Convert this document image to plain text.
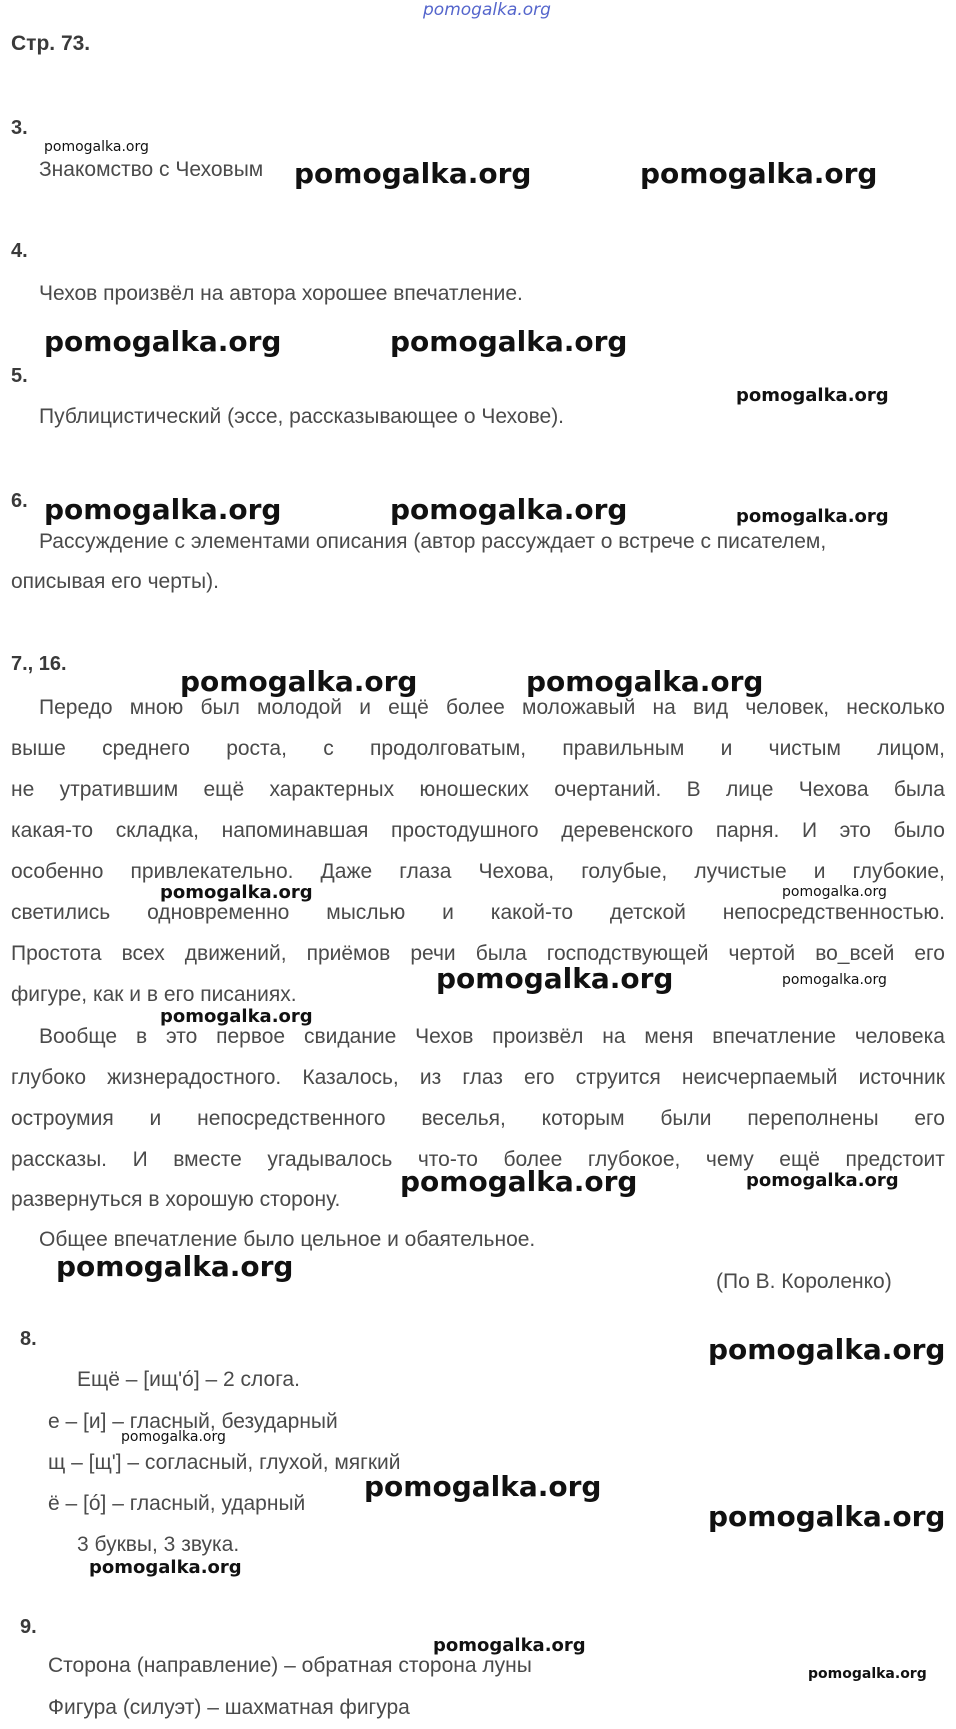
pomogalka.org
Стр. 73.
3.
pomogalka.org
Знакомство с Чеховым pomogalka.org	pomogalka.org
4.
Чехов произвёл на автора хорошее впечатление.
pomogalka.org	pomogalka.org
5.
pomogalka.org
Публицистический (эссе, рассказывающее о Чехове).
6. pomogalka.org	pomogalka.org	pomogalka.org
Рассуждение с элементами описания (автор рассуждает о встрече с писателем,
описывая его черты).
7., 16.
pomogalka.org	pomogalka.org
Передо мною был молодой и ещё более моложавый на вид человек, несколько
выше среднего роста, с продолговатым, правильным и чистым лицом,
не утратившим ещё характерных юношеских очертаний. В лице Чехова была
какая-то складка, напоминавшая простодушного деревенского парня. И это было
особенно привлекательно. Даже глаза Чехова, голубые, лучистые и глубокие,
pomogalka.org	pomogalka.org
светились одновременно мыслью и какой-то детской непосредственностью.
Простота всех движений, приёмов речи была господствующей чертой во_всей его
фигуре, как и в его писаниях.	pomogalka.org	pomogalka.org
pomogalka.org
Вообще в это первое свидание Чехов произвёл на меня впечатление человека
глубоко жизнерадостного. Казалось, из глаз его струится неисчерпаемый источник
остроумия и непосредственного веселья, которым были переполнены его
рассказы. И вместе угадывалось что-то более глубокое, чему ещё предстоит
развернуться в хорошую сторону.
pomogalka.org	pomogalka.org
Общее впечатление было цельное и обаятельное.
pomogalka.org	(По В. Короленко)
8.	pomogalka.org
Ещё – [ищ'ó] – 2 слога.
е – [и] – гласный, безударный
pomogalka.org
щ – [щ'] – согласный, глухой, мягкий
pomogalka.org
ё – [ó] – гласный, ударный	pomogalka.org
3 буквы, 3 звука.
pomogalka.org
9.
pomogalka.org
Сторона (направление) – обратная сторона луны	pomogalka.org
Фигура (силуэт) – шахматная фигура
